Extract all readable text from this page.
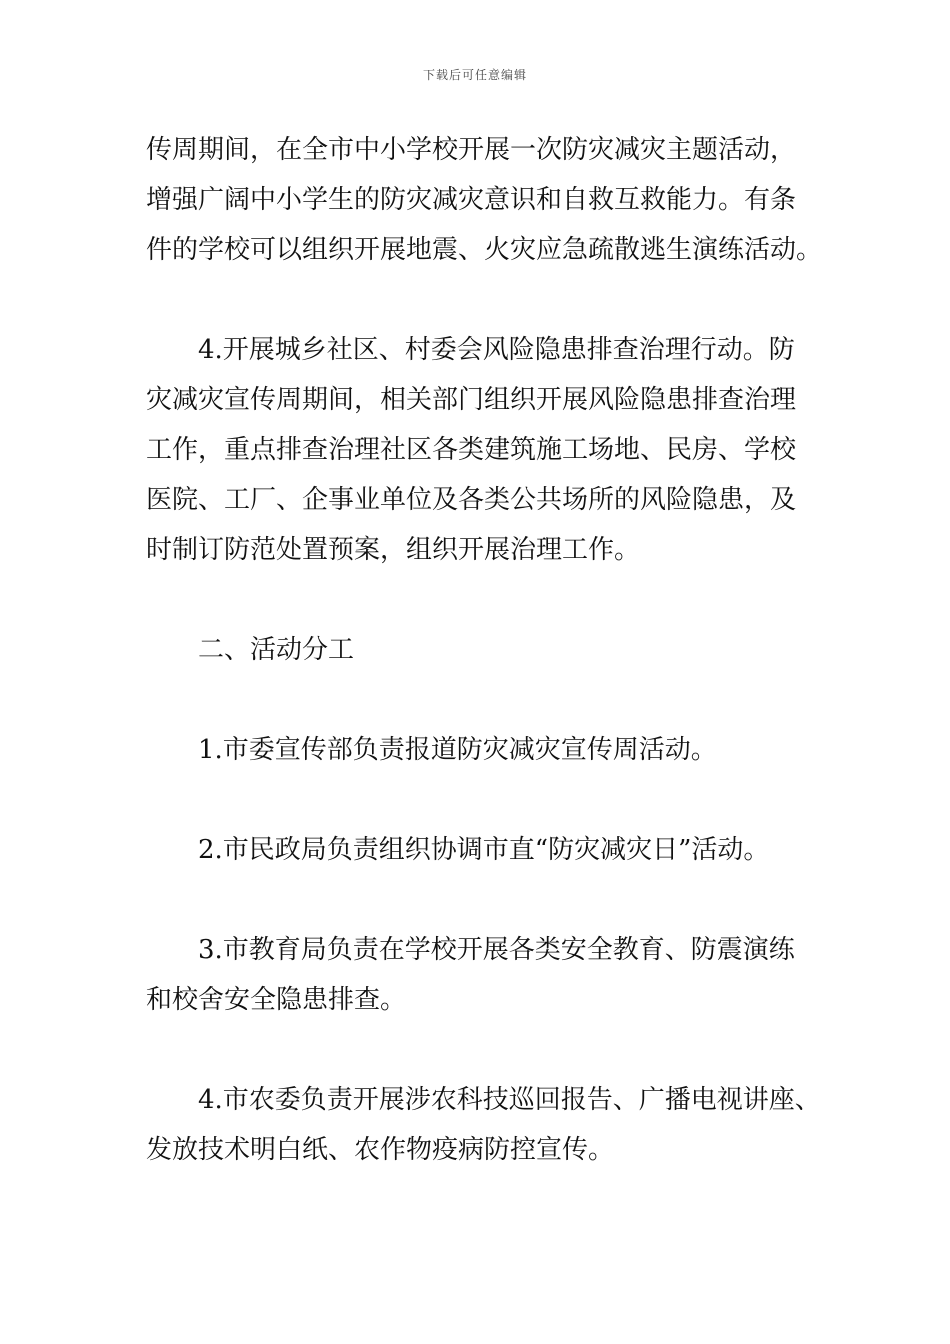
下载后可任意编辑
传周期间，在全市中小学校开展一次防灾减灾主题活动，
增强广阔中小学生的防灾减灾意识和自救互救能力。有条
件的学校可以组织开展地震、火灾应急疏散逃生演练活动。
4.开展城乡社区、村委会风险隐患排查治理行动。防
灾减灾宣传周期间，相关部门组织开展风险隐患排查治理
工作，重点排查治理社区各类建筑施工场地、民房、学校
医院、工厂、企事业单位及各类公共场所的风险隐患，及
时制订防范处置预案，组织开展治理工作。
二、活动分工
1.市委宣传部负责报道防灾减灾宣传周活动。
2.市民政局负责组织协调市直“防灾减灾日”活动。
3.市教育局负责在学校开展各类安全教育、防震演练
和校舍安全隐患排查。
4.市农委负责开展涉农科技巡回报告、广播电视讲座、
发放技术明白纸、农作物疫病防控宣传。
